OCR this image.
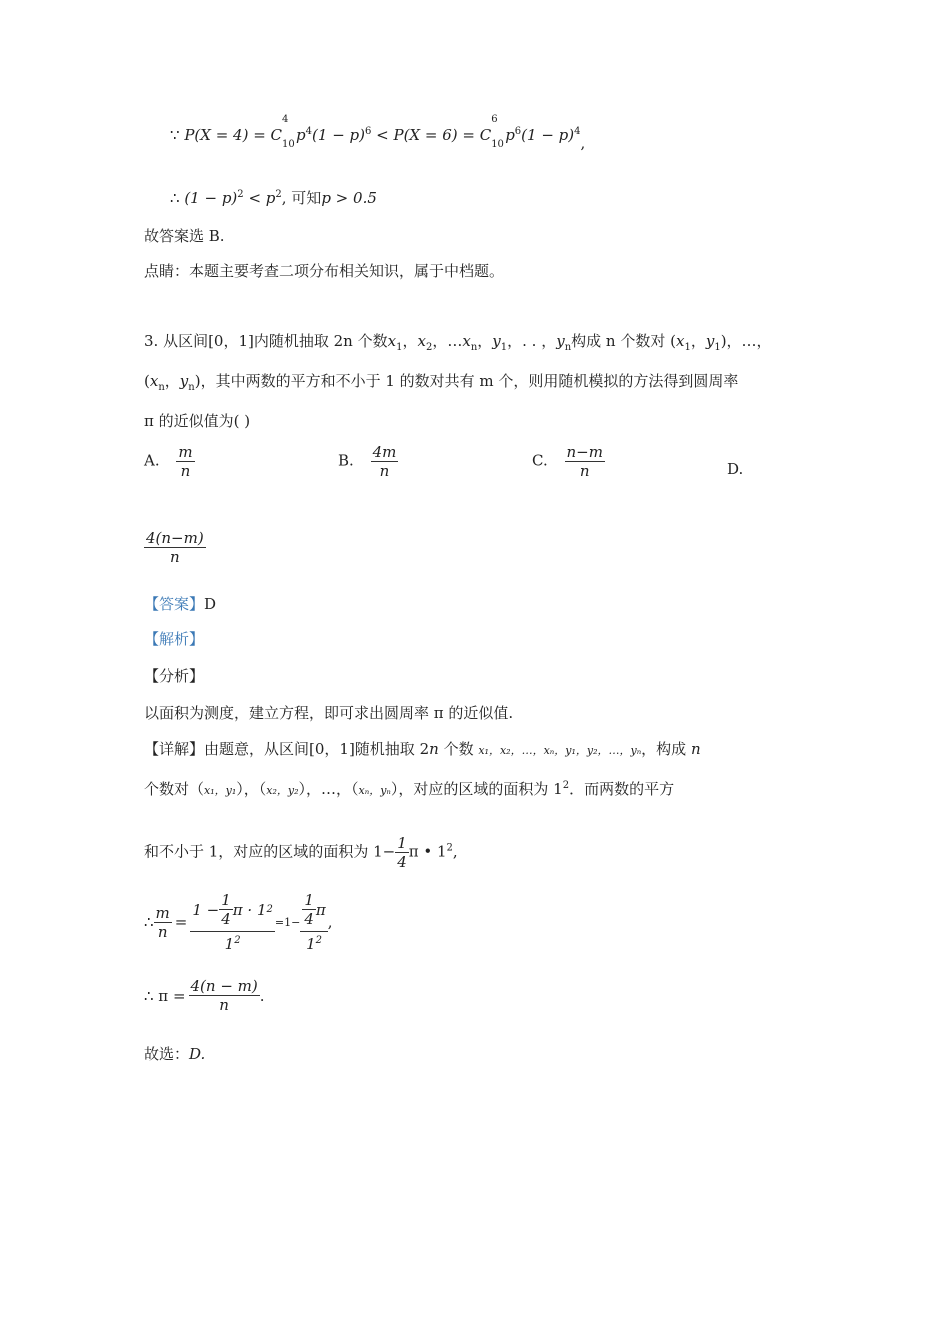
∵ P(X = 4) = C
4
10
$p^4(1 - p)^6 < P(X = 6) = C$
6
10
$p^6(1 - p)^4$,
∴ $(1 - p)^2 < p^2$, 可知p > 0.5
故答案选 B.
点睛：本题主要考查二项分布相关知识，属于中档题。
3. 从区间[0，1]内随机抽取 2n 个数$x_1$，$x_2$，$\dots x_n$，$y_1$，. . ，$y_n$构成 n 个数对 ($x_1$，$y_1$)，…，
($x_n$，$y_n$)，其中两数的平方和不小于 1 的数对共有 m 个，则用随机模拟的方法得到圆周率
π 的近似值为( )
A. $\frac{m}{n}$	B. $\frac{4m}{n}$	C. $\frac{n-m}{n}$	D.
$\frac{4(n-m)}{n}$
【答案】D
【解析】
【分析】
以面积为测度，建立方程，即可求出圆周率 π 的近似值.
【详解】由题意，从区间[0，1]随机抽取 2n 个数 x₁，x₂，…，xₙ，y₁，y₂，…，yₙ，构成 n
个数对（x₁，y₁），（x₂，y₂），…，（xₙ，yₙ），对应的区域的面积为 $1^2$．而两数的平方
和不小于 1，对应的区域的面积为 $1- \frac{1}{4}$ π • $1^2$,
∴ $\frac{m}{n} = \frac{1 - \frac{1}{4} \pi \cdot 1 2}{1^2} =1- \frac{\frac{1}{4} \pi}{1^2}$ ,
∴ $\pi = \frac{4(n - m)}{n}$ .
故选：D.
